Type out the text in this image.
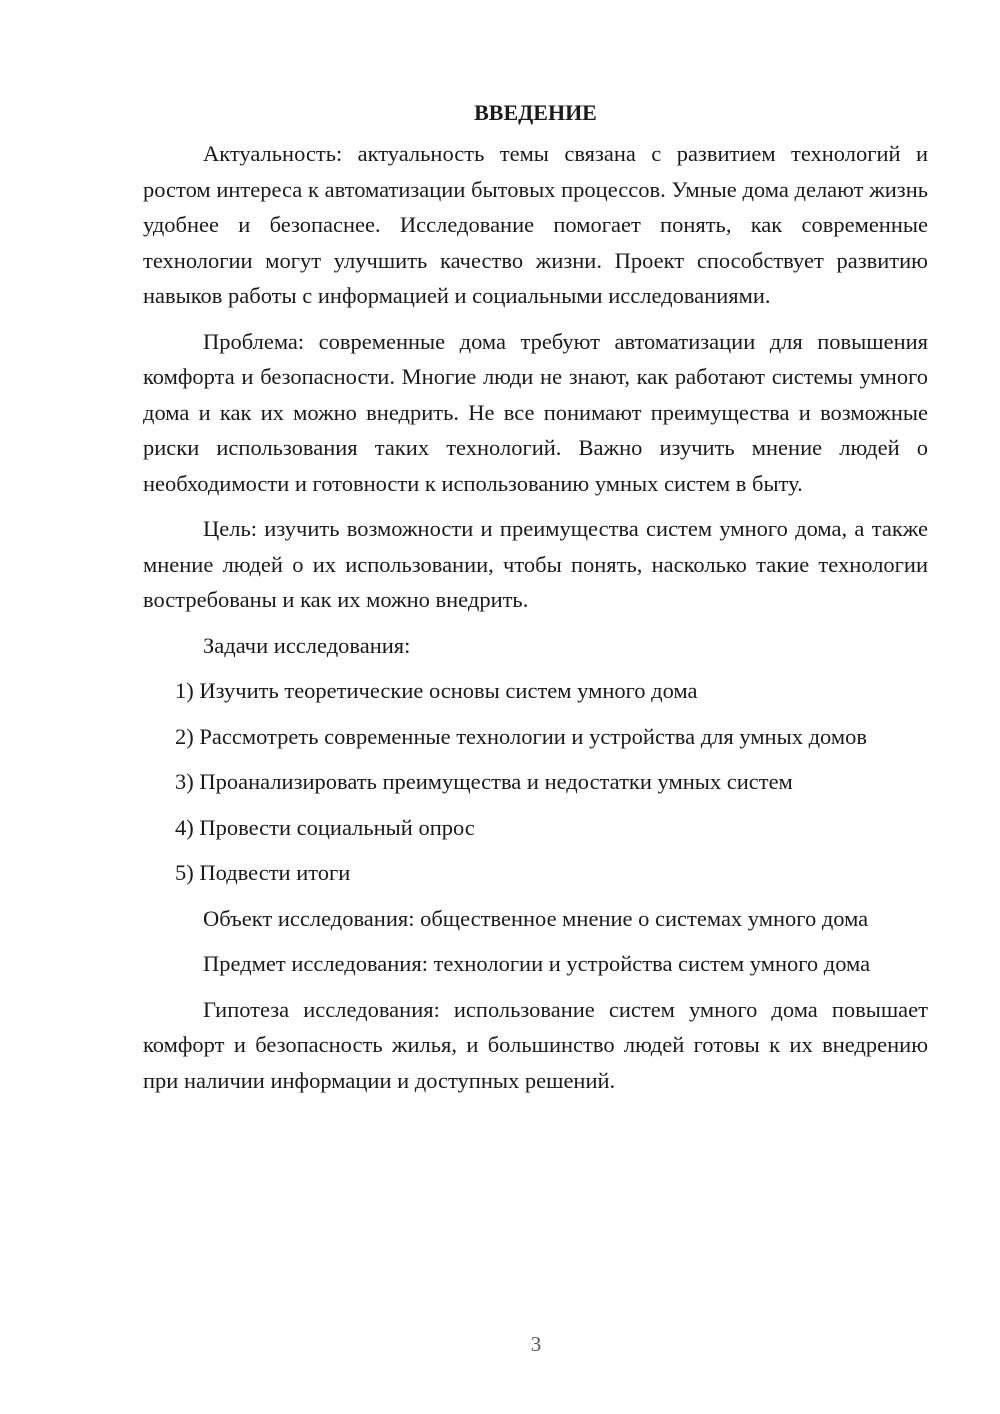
ВВЕДЕНИЕ

Актуальность: актуальность темы связана с развитием технологий и ростом интереса к автоматизации бытовых процессов. Умные дома делают жизнь удобнее и безопаснее. Исследование помогает понять, как современные технологии могут улучшить качество жизни. Проект способствует развитию навыков работы с информацией и социальными исследованиями.

Проблема: современные дома требуют автоматизации для повышения комфорта и безопасности. Многие люди не знают, как работают системы умного дома и как их можно внедрить. Не все понимают преимущества и возможные риски использования таких технологий. Важно изучить мнение людей о необходимости и готовности к использованию умных систем в быту.

Цель: изучить возможности и преимущества систем умного дома, а также мнение людей о их использовании, чтобы понять, насколько такие технологии востребованы и как их можно внедрить.

Задачи исследования:

1) Изучить теоретические основы систем умного дома

2) Рассмотреть современные технологии и устройства для умных домов

3) Проанализировать преимущества и недостатки умных систем

4) Провести социальный опрос

5) Подвести итоги

Объект исследования: общественное мнение о системах умного дома

Предмет исследования: технологии и устройства систем умного дома

Гипотеза исследования: использование систем умного дома повышает комфорт и безопасность жилья, и большинство людей готовы к их внедрению при наличии информации и доступных решений.

3
